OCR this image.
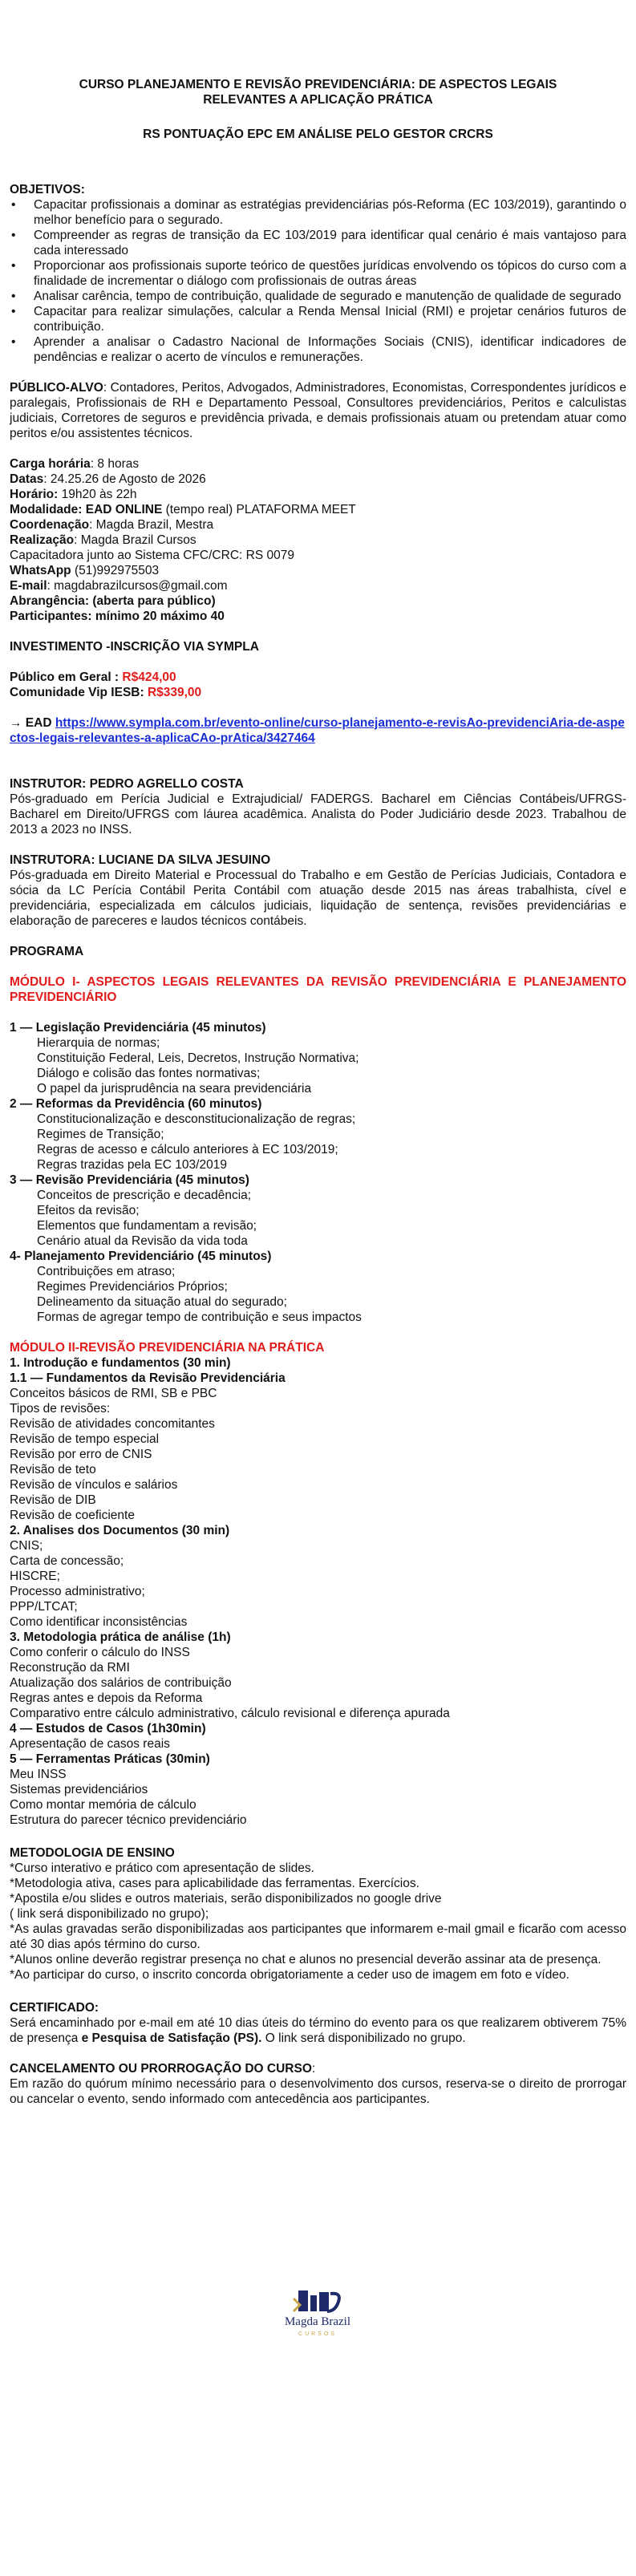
CURSO PLANEJAMENTO E REVISÃO PREVIDENCIÁRIA: DE ASPECTOS LEGAIS

RELEVANTES A APLICAÇÃO PRÁTICA

RS PONTUAÇÃO EPC EM ANÁLISE PELO GESTOR CRCRS

OBJETIVOS:

• Capacitar profissionais a dominar as estratégias previdenciárias pós-Reforma (EC 103/2019), garantindo o melhor benefício para o segurado.
• Compreender as regras de transição da EC 103/2019 para identificar qual cenário é mais vantajoso para cada interessado
• Proporcionar aos profissionais suporte teórico de questões jurídicas envolvendo os tópicos do curso com a finalidade de incrementar o diálogo com profissionais de outras áreas
• Analisar carência, tempo de contribuição, qualidade de segurado e manutenção de qualidade de segurado
• Capacitar para realizar simulações, calcular a Renda Mensal Inicial (RMI) e projetar cenários futuros de contribuição.
• Aprender a analisar o Cadastro Nacional de Informações Sociais (CNIS), identificar indicadores de pendências e realizar o acerto de vínculos e remunerações.

PÚBLICO-ALVO: Contadores, Peritos, Advogados, Administradores, Economistas, Correspondentes jurídicos e paralegais, Profissionais de RH e Departamento Pessoal, Consultores previdenciários, Peritos e calculistas judiciais, Corretores de seguros e previdência privada, e demais profissionais atuam ou pretendam atuar como peritos e/ou assistentes técnicos.

Carga horária: 8 horas

Datas: 24.25.26 de Agosto de 2026

Horário: 19h20 às 22h

Modalidade: EAD ONLINE (tempo real) PLATAFORMA MEET

Coordenação: Magda Brazil, Mestra

Realização: Magda Brazil Cursos

Capacitadora junto ao Sistema CFC/CRC: RS 0079

WhatsApp (51)992975503

E-mail: magdabrazilcursos@gmail.com

Abrangência: (aberta para público)

Participantes: mínimo 20 máximo 40

INVESTIMENTO -INSCRIÇÃO VIA SYMPLA

Público em Geral : R$424,00

Comunidade Vip IESB: R$339,00

→ EAD https://www.sympla.com.br/evento-online/curso-planejamento-e-revisAo-previdenciAria-de-aspectos-legais-relevantes-a-aplicaCAo-prAtica/3427464

INSTRUTOR: PEDRO AGRELLO COSTA

Pós-graduado em Perícia Judicial e Extrajudicial/ FADERGS. Bacharel em Ciências Contábeis/UFRGS- Bacharel em Direito/UFRGS com láurea acadêmica. Analista do Poder Judiciário desde 2023. Trabalhou de 2013 a 2023 no INSS.

INSTRUTORA: LUCIANE DA SILVA JESUINO

Pós-graduada em Direito Material e Processual do Trabalho e em Gestão de Perícias Judiciais, Contadora e sócia da LC Perícia Contábil Perita Contábil com atuação desde 2015 nas áreas trabalhista, cível e previdenciária, especializada em cálculos judiciais, liquidação de sentença, revisões previdenciárias e elaboração de pareceres e laudos técnicos contábeis.

PROGRAMA

MÓDULO I- ASPECTOS LEGAIS RELEVANTES DA REVISÃO PREVIDENCIÁRIA E PLANEJAMENTO PREVIDENCIÁRIO

1 — Legislação Previdenciária (45 minutos)

Hierarquia de normas;

Constituição Federal, Leis, Decretos, Instrução Normativa;

Diálogo e colisão das fontes normativas;

O papel da jurisprudência na seara previdenciária

2 — Reformas da Previdência (60 minutos)

Constitucionalização e desconstitucionalização de regras;

Regimes de Transição;

Regras de acesso e cálculo anteriores à EC 103/2019;

Regras trazidas pela EC 103/2019

3 — Revisão Previdenciária (45 minutos)

Conceitos de prescrição e decadência;

Efeitos da revisão;

Elementos que fundamentam a revisão;

Cenário atual da Revisão da vida toda

4- Planejamento Previdenciário (45 minutos)

Contribuições em atraso;

Regimes Previdenciários Próprios;

Delineamento da situação atual do segurado;

Formas de agregar tempo de contribuição e seus impactos

MÓDULO II-REVISÃO PREVIDENCIÁRIA NA PRÁTICA

1. Introdução e fundamentos (30 min)

1.1 — Fundamentos da Revisão Previdenciária

Conceitos básicos de RMI, SB e PBC

Tipos de revisões:

Revisão de atividades concomitantes

Revisão de tempo especial

Revisão por erro de CNIS

Revisão de teto

Revisão de vínculos e salários

Revisão de DIB

Revisão de coeficiente

2. Analises dos Documentos (30 min)

CNIS;

Carta de concessão;

HISCRE;

Processo administrativo;

PPP/LTCAT;

Como identificar inconsistências

3. Metodologia prática de análise (1h)

Como conferir o cálculo do INSS

Reconstrução da RMI

Atualização dos salários de contribuição

Regras antes e depois da Reforma

Comparativo entre cálculo administrativo, cálculo revisional e diferença apurada

4 — Estudos de Casos (1h30min)

Apresentação de casos reais

5 — Ferramentas Práticas (30min)

Meu INSS

Sistemas previdenciários

Como montar memória de cálculo

Estrutura do parecer técnico previdenciário

METODOLOGIA DE ENSINO

*Curso interativo e prático com apresentação de slides.

*Metodologia ativa, cases para aplicabilidade das ferramentas. Exercícios.

*Apostila e/ou slides e outros materiais, serão disponibilizados no google drive

( link será disponibilizado no grupo);

*As aulas gravadas serão disponibilizadas aos participantes que informarem e-mail gmail e ficarão com acesso até 30 dias após término do curso.

*Alunos online deverão registrar presença no chat e alunos no presencial deverão assinar ata de presença.

*Ao participar do curso, o inscrito concorda obrigatoriamente a ceder uso de imagem em foto e vídeo.

CERTIFICADO:

Será encaminhado por e-mail em até 10 dias úteis do término do evento para os que realizarem obtiverem 75% de presença e Pesquisa de Satisfação (PS). O link será disponibilizado no grupo.

CANCELAMENTO OU PRORROGAÇÃO DO CURSO:

Em razão do quórum mínimo necessário para o desenvolvimento dos cursos, reserva-se o direito de prorrogar ou cancelar o evento, sendo informado com antecedência aos participantes.

Magda Brazil
CURSOS
